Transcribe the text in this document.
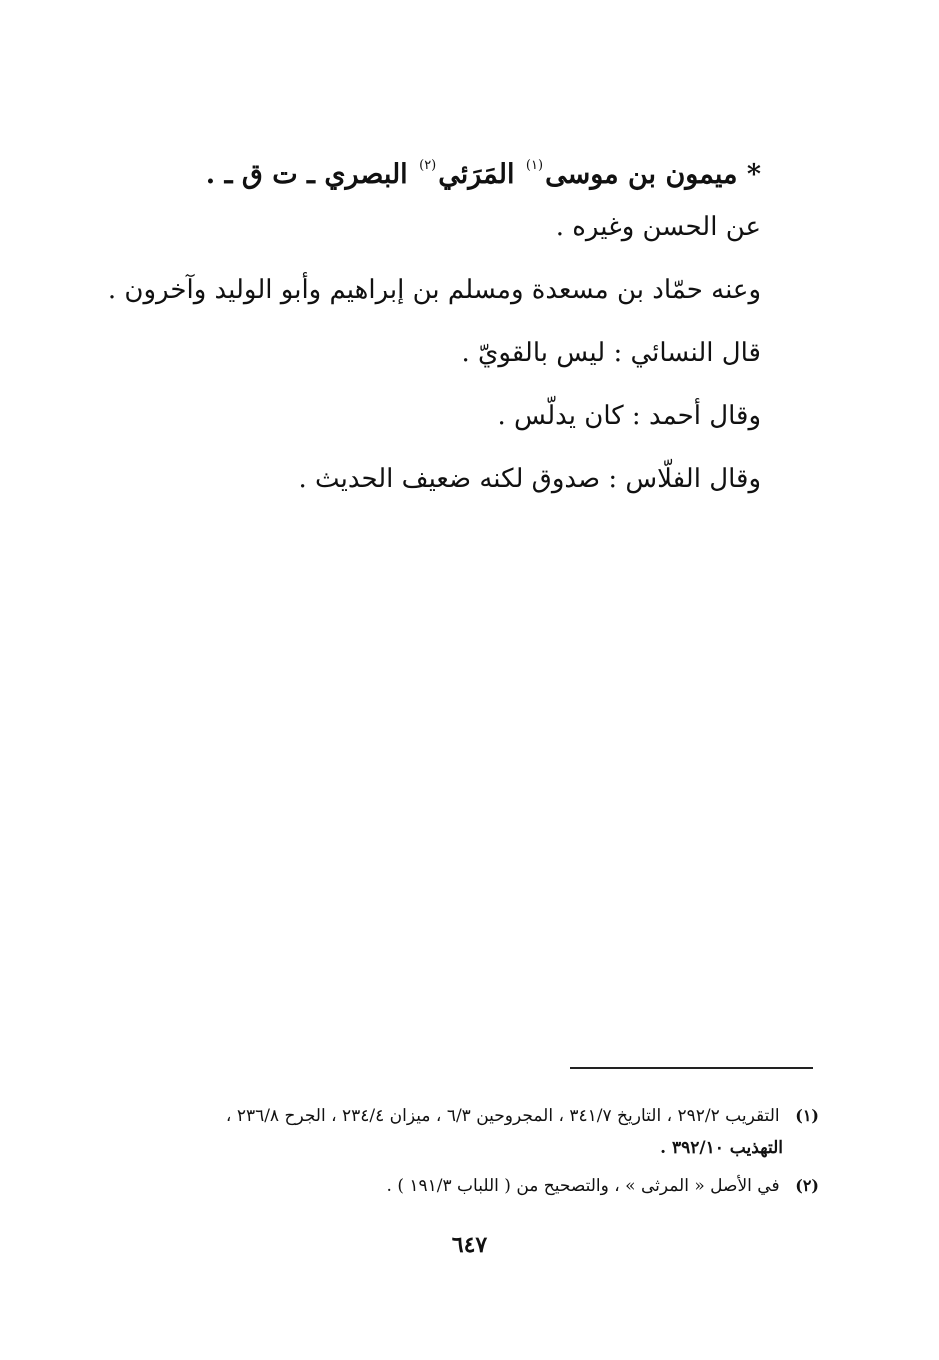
* ميمون بن موسى$^{(١)}$ المَرَئي$^{(٢)}$ البصري ـ ت ق ـ .
عن الحسن وغيره .
وعنه حمّاد بن مسعدة ومسلم بن إبراهيم وأبو الوليد وآخرون .
قال النسائي : ليس بالقويّ .
وقال أحمد : كان يدلّس .
وقال الفلّاس : صدوق لكنه ضعيف الحديث .
(١) التقريب ٢٩٢/٢ ، التاريخ ٣٤١/٧ ، المجروحين ٦/٣ ، ميزان ٢٣٤/٤ ، الجرح ٢٣٦/٨ ،
التهذيب ٣٩٢/١٠ .
(٢) في الأصل « المرثى » ، والتصحيح من ( اللباب ١٩١/٣ ) .
٦٤٧
